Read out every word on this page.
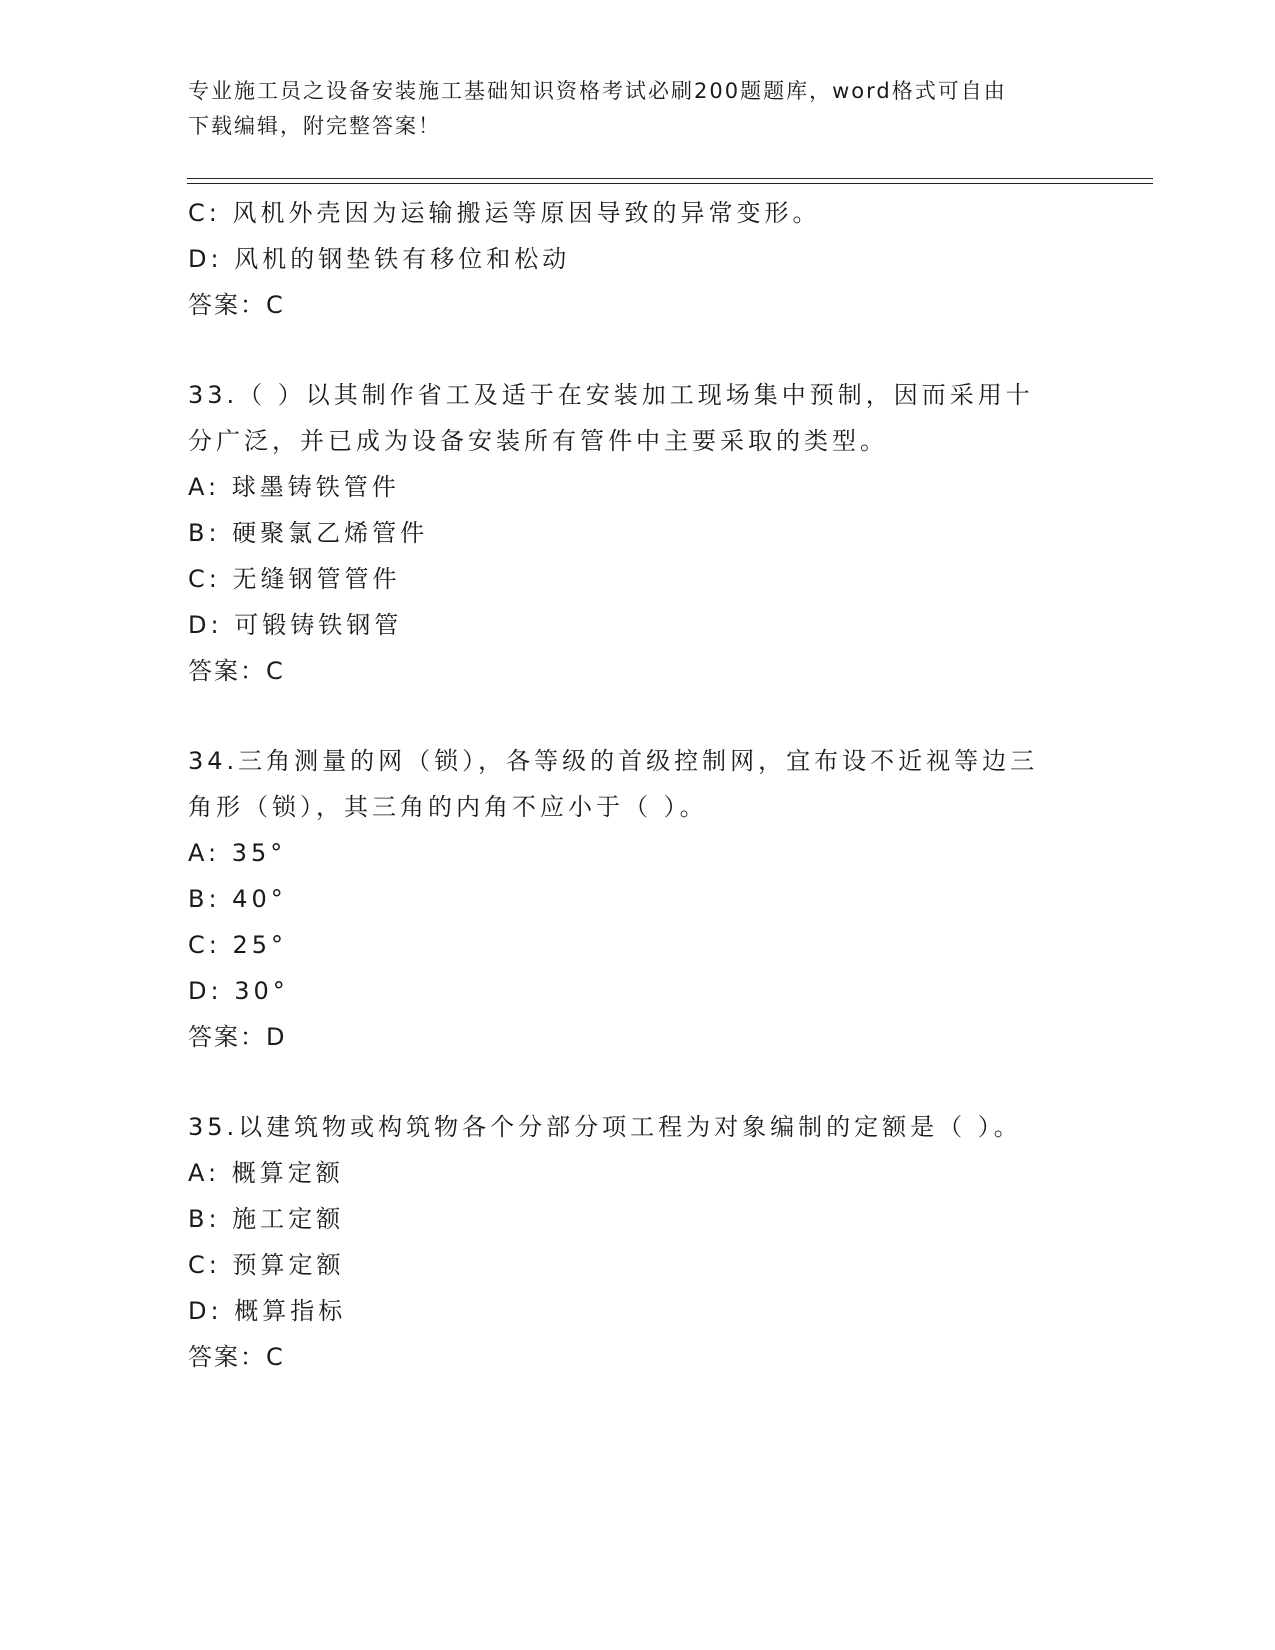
专业施工员之设备安装施工基础知识资格考试必刷200题题库，word格式可自由
下载编辑，附完整答案！
C: 风机外壳因为运输搬运等原因导致的异常变形。
D: 风机的钢垫铁有移位和松动
答案：C
33.（ ）以其制作省工及适于在安装加工现场集中预制，因而采用十
分广泛，并已成为设备安装所有管件中主要采取的类型。
A: 球墨铸铁管件
B: 硬聚氯乙烯管件
C: 无缝钢管管件
D: 可锻铸铁钢管
答案：C
34.三角测量的网（锁），各等级的首级控制网，宜布设不近视等边三
角形（锁），其三角的内角不应小于（ ）。
A: 35°
B: 40°
C: 25°
D: 30°
答案：D
35.以建筑物或构筑物各个分部分项工程为对象编制的定额是（ ）。
A: 概算定额
B: 施工定额
C: 预算定额
D: 概算指标
答案：C
